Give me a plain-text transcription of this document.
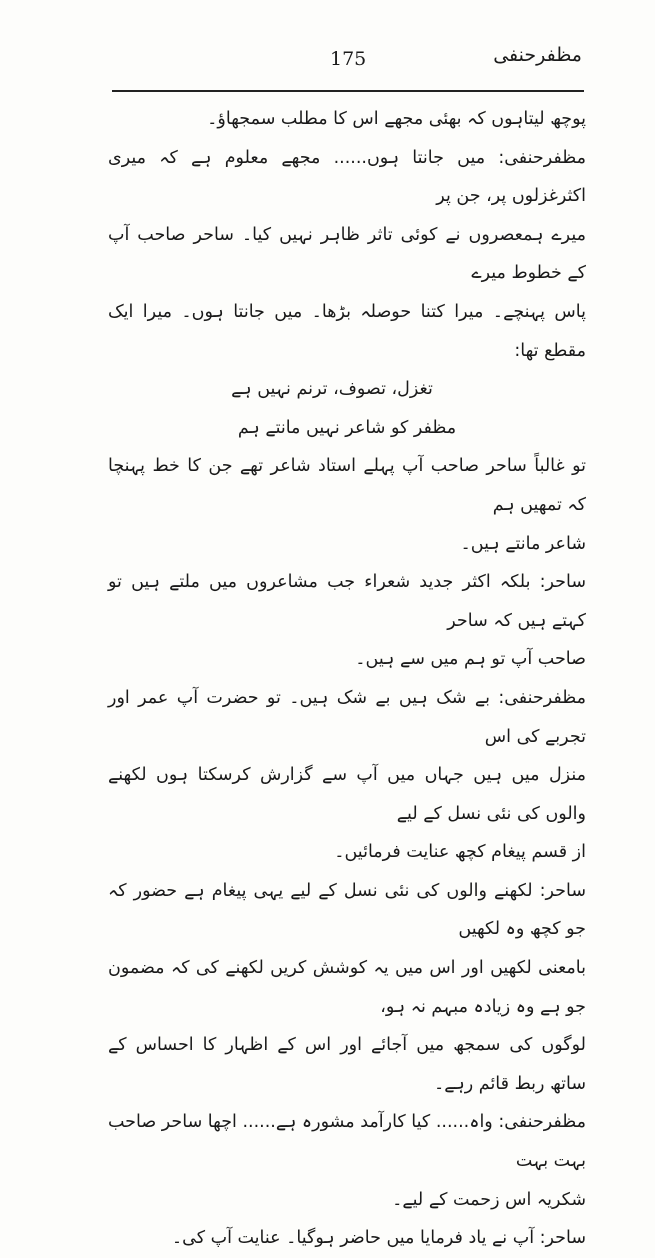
175	مظفرحنفی

پوچھ لیتاہوں کہ بھئی مجھے اس کا مطلب سمجھاؤ۔

مظفرحنفی: میں جانتا ہوں...... مجھے معلوم ہے کہ میری اکثرغزلوں پر، جن پر

میرے ہمعصروں نے کوئی تاثر ظاہر نہیں کیا۔ ساحر صاحب آپ کے خطوط میرے

پاس پہنچے۔ میرا کتنا حوصلہ بڑھا۔ میں جانتا ہوں۔ میرا ایک مقطع تھا:

تغزل، تصوف، ترنم نہیں ہے

مظفر کو شاعر نہیں مانتے ہم

تو غالباً ساحر صاحب آپ پہلے استاد شاعر تھے جن کا خط پہنچا کہ تمھیں ہم

شاعر مانتے ہیں۔

ساحر: بلکہ اکثر جدید شعراء جب مشاعروں میں ملتے ہیں تو کہتے ہیں کہ ساحر

صاحب آپ تو ہم میں سے ہیں۔

مظفرحنفی: بے شک ہیں بے شک ہیں۔ تو حضرت آپ عمر اور تجربے کی اس

منزل میں ہیں جہاں میں آپ سے گزارش کرسکتا ہوں لکھنے والوں کی نئی نسل کے لیے

از قسم پیغام کچھ عنایت فرمائیں۔

ساحر: لکھنے والوں کی نئی نسل کے لیے یہی پیغام ہے حضور کہ جو کچھ وہ لکھیں

بامعنی لکھیں اور اس میں یہ کوشش کریں لکھنے کی کہ مضمون جو ہے وہ زیادہ مبہم نہ ہو،

لوگوں کی سمجھ میں آجائے اور اس کے اظہار کا احساس کے ساتھ ربط قائم رہے۔

مظفرحنفی: واہ...... کیا کارآمد مشورہ ہے...... اچھا ساحر صاحب بہت بہت

شکریہ اس زحمت کے لیے۔

ساحر: آپ نے یاد فرمایا میں حاضر ہوگیا۔ عنایت آپ کی۔
